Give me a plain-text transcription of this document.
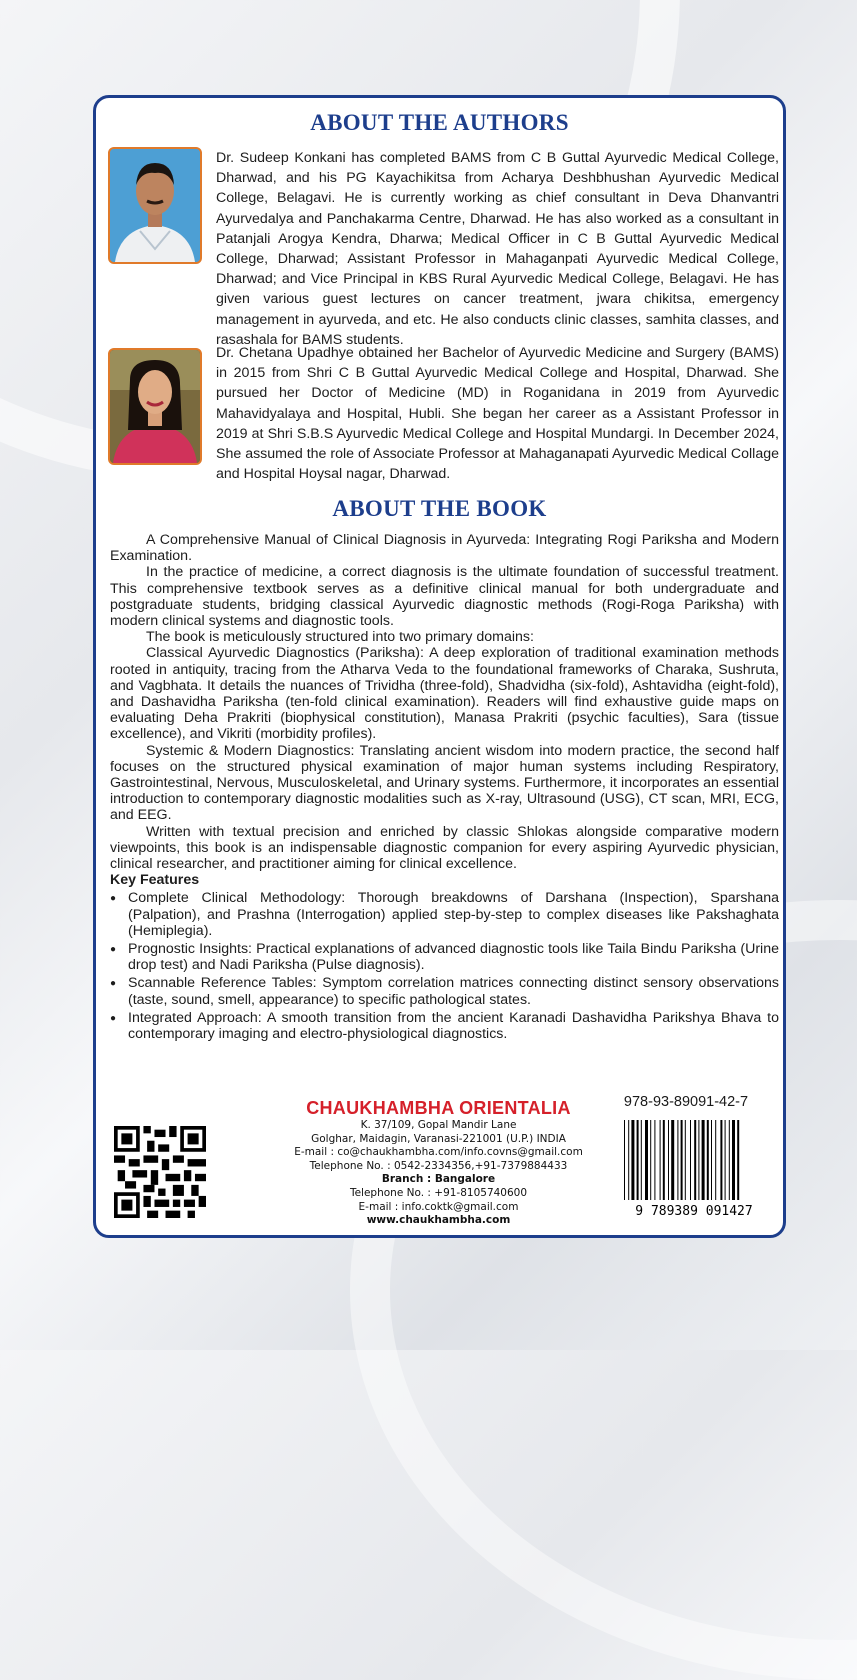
ABOUT THE AUTHORS
Dr. Sudeep Konkani has completed BAMS from C B Guttal Ayurvedic Medical College, Dharwad, and his PG Kayachikitsa from Acharya Deshbhushan Ayurvedic Medical College, Belagavi. He is currently working as chief consultant in Deva Dhanvantri Ayurvedalya and Panchakarma Centre, Dharwad. He has also worked as a consultant in Patanjali Arogya Kendra, Dharwa; Medical Officer in C B Guttal Ayurvedic Medical College, Dharwad; Assistant Professor in Mahaganpati Ayurvedic Medical College, Dharwad; and Vice Principal in KBS Rural Ayurvedic Medical College, Belagavi. He has given various guest lectures on cancer treatment, jwara chikitsa, emergency management in ayurveda, and etc. He also conducts clinic classes, samhita classes, and rasashala for BAMS students.
Dr. Chetana Upadhye obtained her Bachelor of Ayurvedic Medicine and Surgery (BAMS) in 2015 from Shri C B Guttal Ayurvedic Medical College and Hospital, Dharwad. She pursued her Doctor of Medicine (MD) in Roganidana in 2019 from Ayurvedic Mahavidyalaya and Hospital, Hubli. She began her career as a Assistant Professor in 2019 at Shri S.B.S Ayurvedic Medical College and Hospital Mundargi. In December 2024, She assumed the role of Associate Professor at Mahaganapati Ayurvedic Medical Collage and Hospital Hoysal nagar, Dharwad.
ABOUT THE BOOK

A Comprehensive Manual of Clinical Diagnosis in Ayurveda: Integrating Rogi Pariksha and Modern Examination.

In the practice of medicine, a correct diagnosis is the ultimate foundation of successful treatment. This comprehensive textbook serves as a definitive clinical manual for both undergraduate and postgraduate students, bridging classical Ayurvedic diagnostic methods (Rogi-Roga Pariksha) with modern clinical systems and diagnostic tools.

The book is meticulously structured into two primary domains:

Classical Ayurvedic Diagnostics (Pariksha): A deep exploration of traditional examination methods rooted in antiquity, tracing from the Atharva Veda to the foundational frameworks of Charaka, Sushruta, and Vagbhata. It details the nuances of Trividha (three-fold), Shadvidha (six-fold), Ashtavidha (eight-fold), and Dashavidha Pariksha (ten-fold clinical examination). Readers will find exhaustive guide maps on evaluating Deha Prakriti (biophysical constitution), Manasa Prakriti (psychic faculties), Sara (tissue excellence), and Vikriti (morbidity profiles).

Systemic & Modern Diagnostics: Translating ancient wisdom into modern practice, the second half focuses on the structured physical examination of major human systems including Respiratory, Gastrointestinal, Nervous, Musculoskeletal, and Urinary systems. Furthermore, it incorporates an essential introduction to contemporary diagnostic modalities such as X-ray, Ultrasound (USG), CT scan, MRI, ECG, and EEG.

Written with textual precision and enriched by classic Shlokas alongside comparative modern viewpoints, this book is an indispensable diagnostic companion for every aspiring Ayurvedic physician, clinical researcher, and practitioner aiming for clinical excellence.

Key Features

● Complete Clinical Methodology: Thorough breakdowns of Darshana (Inspection), Sparshana (Palpation), and Prashna (Interrogation) applied step-by-step to complex diseases like Pakshaghata (Hemiplegia).
● Prognostic Insights: Practical explanations of advanced diagnostic tools like Taila Bindu Pariksha (Urine drop test) and Nadi Pariksha (Pulse diagnosis).
● Scannable Reference Tables: Symptom correlation matrices connecting distinct sensory observations (taste, sound, smell, appearance) to specific pathological states.
● Integrated Approach: A smooth transition from the ancient Karanadi Dashavidha Parikshya Bhava to contemporary imaging and electro-physiological diagnostics.
CHAUKHAMBHA ORIENTALIA
K. 37/109, Gopal Mandir Lane
Golghar, Maidagin, Varanasi-221001 (U.P.) INDIA
E-mail : co@chaukhambha.com/info.covns@gmail.com
Telephone No. : 0542-2334356,+91-7379884433
Branch : Bangalore
Telephone No. : +91-8105740600
E-mail : info.coktk@gmail.com
www.chaukhambha.com
978-93-89091-42-7
9 789389 091427
